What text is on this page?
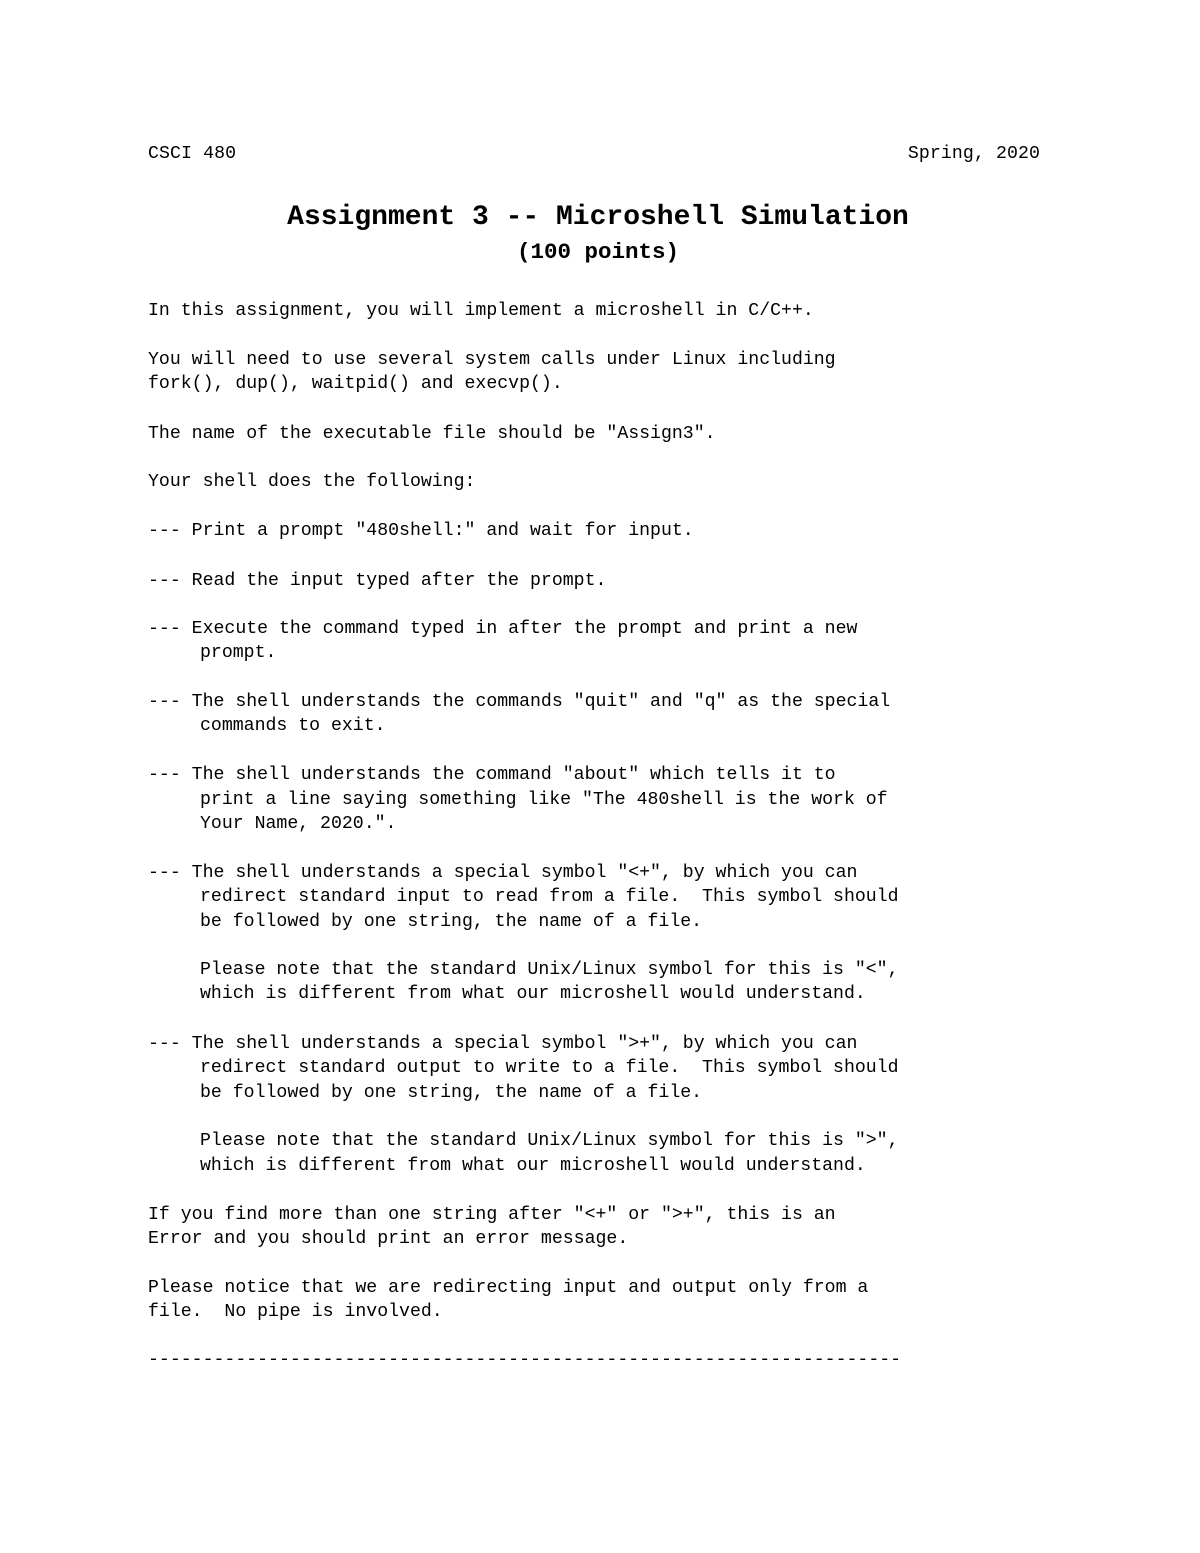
CSCI 480	Spring, 2020
Assignment 3 -- Microshell Simulation
(100 points)
In this assignment, you will implement a microshell in C/C++.
You will need to use several system calls under Linux including
fork(), dup(), waitpid() and execvp().
The name of the executable file should be "Assign3".
Your shell does the following:
--- Print a prompt "480shell:" and wait for input.
--- Read the input typed after the prompt.
--- Execute the command typed in after the prompt and print a new
prompt.
--- The shell understands the commands "quit" and "q" as the special
commands to exit.
--- The shell understands the command "about" which tells it to
print a line saying something like "The 480shell is the work of
Your Name, 2020.".
--- The shell understands a special symbol "<+", by which you can
redirect standard input to read from a file.  This symbol should
be followed by one string, the name of a file.
Please note that the standard Unix/Linux symbol for this is "<",
which is different from what our microshell would understand.
--- The shell understands a special symbol ">+", by which you can
redirect standard output to write to a file.  This symbol should
be followed by one string, the name of a file.
Please note that the standard Unix/Linux symbol for this is ">",
which is different from what our microshell would understand.
If you find more than one string after "<+" or ">+", this is an
Error and you should print an error message.
Please notice that we are redirecting input and output only from a
file.  No pipe is involved.
---------------------------------------------------------------------
